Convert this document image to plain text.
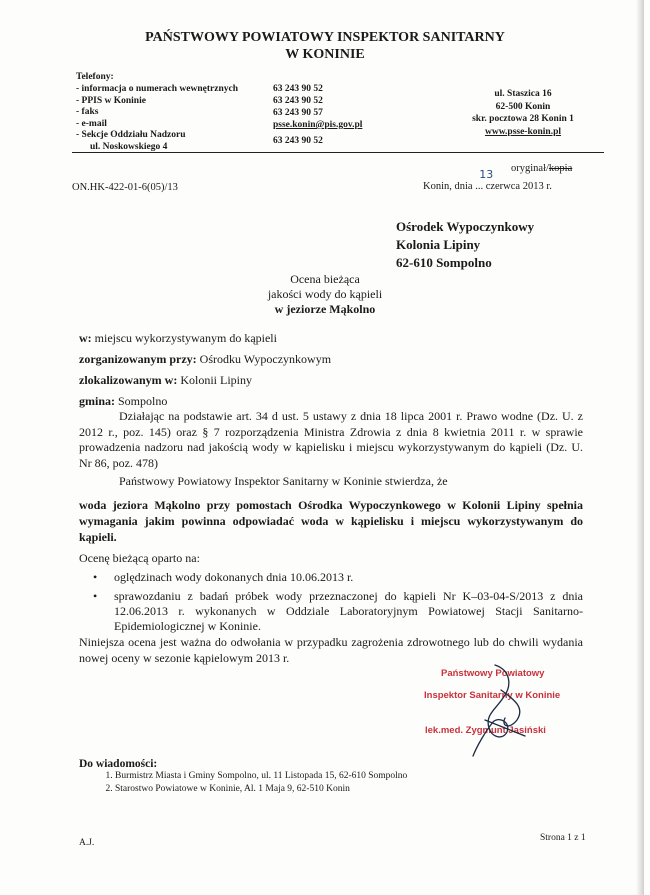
PAŃSTWOWY POWIATOWY INSPEKTOR SANITARNY
W KONINIE
Telefony:
- informacja o numerach wewnętrznych
- PPIS w Koninie
- faks
- e-mail
- Sekcje Oddziału Nadzoru
ul. Noskowskiego 4
63 243 90 52
63 243 90 52
63 243 90 57
psse.konin@pis.gov.pl
63 243 90 52
ul. Staszica 16
62-500 Konin
skr. pocztowa 28 Konin 1
www.psse-konin.pl
oryginał/kopia
ON.HK-422-01-6(05)/13	Konin, dnia ...
13
czerwca 2013 r.
Ośrodek Wypoczynkowy
Kolonia Lipiny
62-610 Sompolno
Ocena bieżąca
jakości wody do kąpieli
w jeziorze Mąkolno
w: miejscu wykorzystywanym do kąpieli
zorganizowanym przy: Ośrodku Wypoczynkowym
zlokalizowanym w: Kolonii Lipiny
gmina: Sompolno
Działając na podstawie art. 34 d ust. 5 ustawy z dnia 18 lipca 2001 r. Prawo wodne (Dz. U. z 2012 r., poz. 145) oraz § 7 rozporządzenia Ministra Zdrowia z dnia 8 kwietnia 2011 r. w sprawie prowadzenia nadzoru nad jakością wody w kąpielisku i miejscu wykorzystywanym do kąpieli (Dz. U. Nr 86, poz. 478)
Państwowy Powiatowy Inspektor Sanitarny w Koninie stwierdza, że
woda jeziora Mąkolno przy pomostach Ośrodka Wypoczynkowego w Kolonii Lipiny spełnia wymagania jakim powinna odpowiadać woda w kąpielisku i miejscu wykorzystywanym do kąpieli.
Ocenę bieżącą oparto na:
• oględzinach wody dokonanych dnia 10.06.2013 r.
• sprawozdaniu z badań próbek wody przeznaczonej do kąpieli Nr K–03-04-S/2013 z dnia 12.06.2013 r. wykonanych w Oddziale Laboratoryjnym Powiatowej Stacji Sanitarno-Epidemiologicznej w Koninie.
Niniejsza ocena jest ważna do odwołania w przypadku zagrożenia zdrowotnego lub do chwili wydania nowej oceny w sezonie kąpielowym 2013 r.
Państwowy Powiatowy
Inspektor Sanitarny w Koninie
lek.med. Zygmunt Jasiński
Do wiadomości:
1. Burmistrz Miasta i Gminy Sompolno, ul. 11 Listopada 15, 62-610 Sompolno
2. Starostwo Powiatowe w Koninie, Al. 1 Maja 9, 62-510 Konin
A.J.	Strona 1 z 1
